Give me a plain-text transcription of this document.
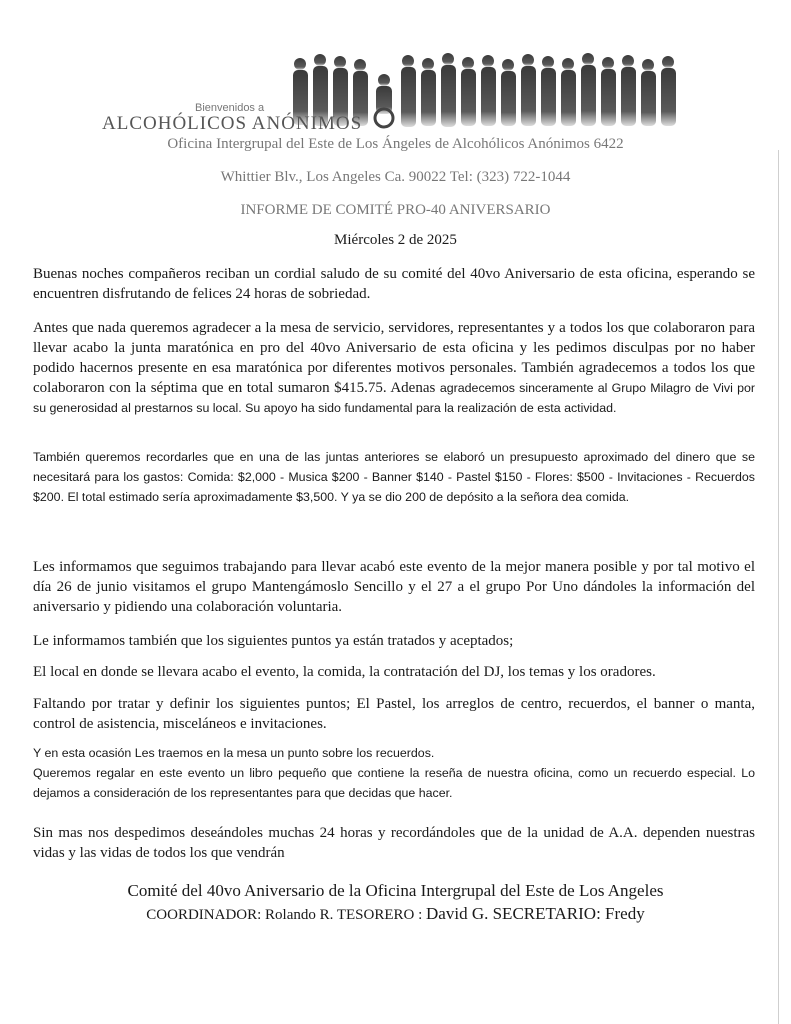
Bienvenidos a
ALCOHÓLICOS ANÓNIMOS
Oficina Intergrupal del Este de Los Ángeles de Alcohólicos Anónimos 6422
Whittier Blv., Los Angeles Ca. 90022 Tel: (323) 722-1044
INFORME DE COMITÉ PRO-40 ANIVERSARIO
Miércoles 2 de 2025

Buenas noches compañeros reciban un cordial saludo de su comité del 40vo Aniversario de esta oficina, esperando se encuentren disfrutando de felices 24 horas de sobriedad.

Antes que nada queremos agradecer a la mesa de servicio, servidores, representantes y a todos los que colaboraron para llevar acabo la junta maratónica en pro del 40vo Aniversario de esta oficina y les pedimos disculpas por no haber podido hacernos presente en esa maratónica por diferentes motivos personales. También agradecemos a todos los que colaboraron con la séptima que en total sumaron $415.75. Adenas agradecemos sinceramente al Grupo Milagro de Vivi por su generosidad al prestarnos su local. Su apoyo ha sido fundamental para la realización de esta actividad.

También queremos recordarles que en una de las juntas anteriores se elaboró un presupuesto aproximado del dinero que se necesitará para los gastos: Comida: $2,000 - Musica $200 - Banner $140 - Pastel $150 - Flores: $500 - Invitaciones - Recuerdos $200. El total estimado sería aproximadamente $3,500. Y ya se dio 200 de depósito a la señora dea comida.

Les informamos que seguimos trabajando para llevar acabó este evento de la mejor manera posible y por tal motivo el día 26 de junio visitamos el grupo Mantengámoslo Sencillo y el 27 a el grupo Por Uno dándoles la información del aniversario y pidiendo una colaboración voluntaria.

Le informamos también que los siguientes puntos ya están tratados y aceptados;

El local en donde se llevara acabo el evento, la comida, la contratación del DJ, los temas y los oradores.

Faltando por tratar y definir los siguientes puntos; El Pastel, los arreglos de centro, recuerdos, el banner o manta, control de asistencia, misceláneos e invitaciones.

Y en esta ocasión Les traemos en la mesa un punto sobre los recuerdos.
Queremos regalar en este evento un libro pequeño que contiene la reseña de nuestra oficina, como un recuerdo especial. Lo dejamos a consideración de los representantes para que decidas que hacer.

Sin mas nos despedimos deseándoles muchas 24 horas y recordándoles que de la unidad de A.A. dependen nuestras vidas y las vidas de todos los que vendrán

Comité del 40vo Aniversario de la Oficina Intergrupal del Este de Los Angeles
COORDINADOR: Rolando R. TESORERO : David G. SECRETARIO: Fredy
